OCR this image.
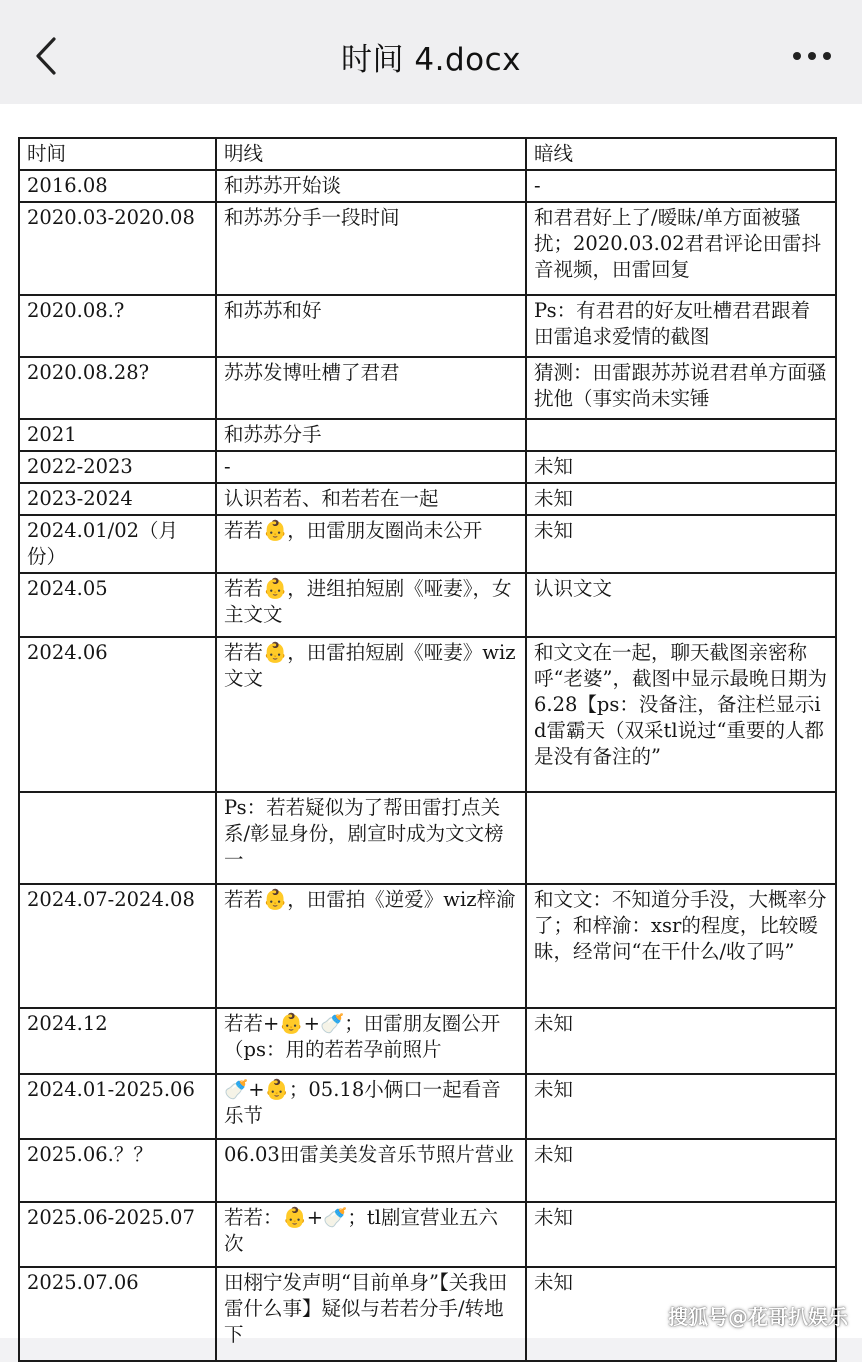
时间 4.docx
时间	明线	暗线
2016.08	和苏苏开始谈	-
2020.03-2020.08	和苏苏分手一段时间	和君君好上了/暧昧/单方面被骚扰；2020.03.02君君评论田雷抖音视频，田雷回复
2020.08.?	和苏苏和好	Ps：有君君的好友吐槽君君跟着田雷追求爱情的截图
2020.08.28?	苏苏发博吐槽了君君	猜测：田雷跟苏苏说君君单方面骚扰他（事实尚未实锤
2021	和苏苏分手	
2022-2023	-	未知
2023-2024	认识若若、和若若在一起	未知
2024.01/02（月份）	若若👶，田雷朋友圈尚未公开	未知
2024.05	若若👶，进组拍短剧《哑妻》，女主文文	认识文文
2024.06	若若👶，田雷拍短剧《哑妻》wiz文文	和文文在一起，聊天截图亲密称呼“老婆”，截图中显示最晚日期为6.28【ps：没备注，备注栏显示id雷霸天（双采tl说过“重要的人都是没有备注的”
	Ps：若若疑似为了帮田雷打点关系/彰显身份，剧宣时成为文文榜一	
2024.07-2024.08	若若👶，田雷拍《逆爱》wiz梓渝	和文文：不知道分手没，大概率分了；和梓渝：xsr的程度，比较暧昧，经常问“在干什么/收了吗”
2024.12	若若+👶+🍼；田雷朋友圈公开（ps：用的若若孕前照片	未知
2024.01-2025.06	🍼+👶；05.18小俩口一起看音乐节	未知
2025.06.？？	06.03田雷美美发音乐节照片营业	未知
2025.06-2025.07	若若：👶+🍼；tl剧宣营业五六次	未知
2025.07.06	田栩宁发声明“目前单身”【关我田雷什么事】疑似与若若分手/转地下	未知
搜狐号@花哥扒娱乐
